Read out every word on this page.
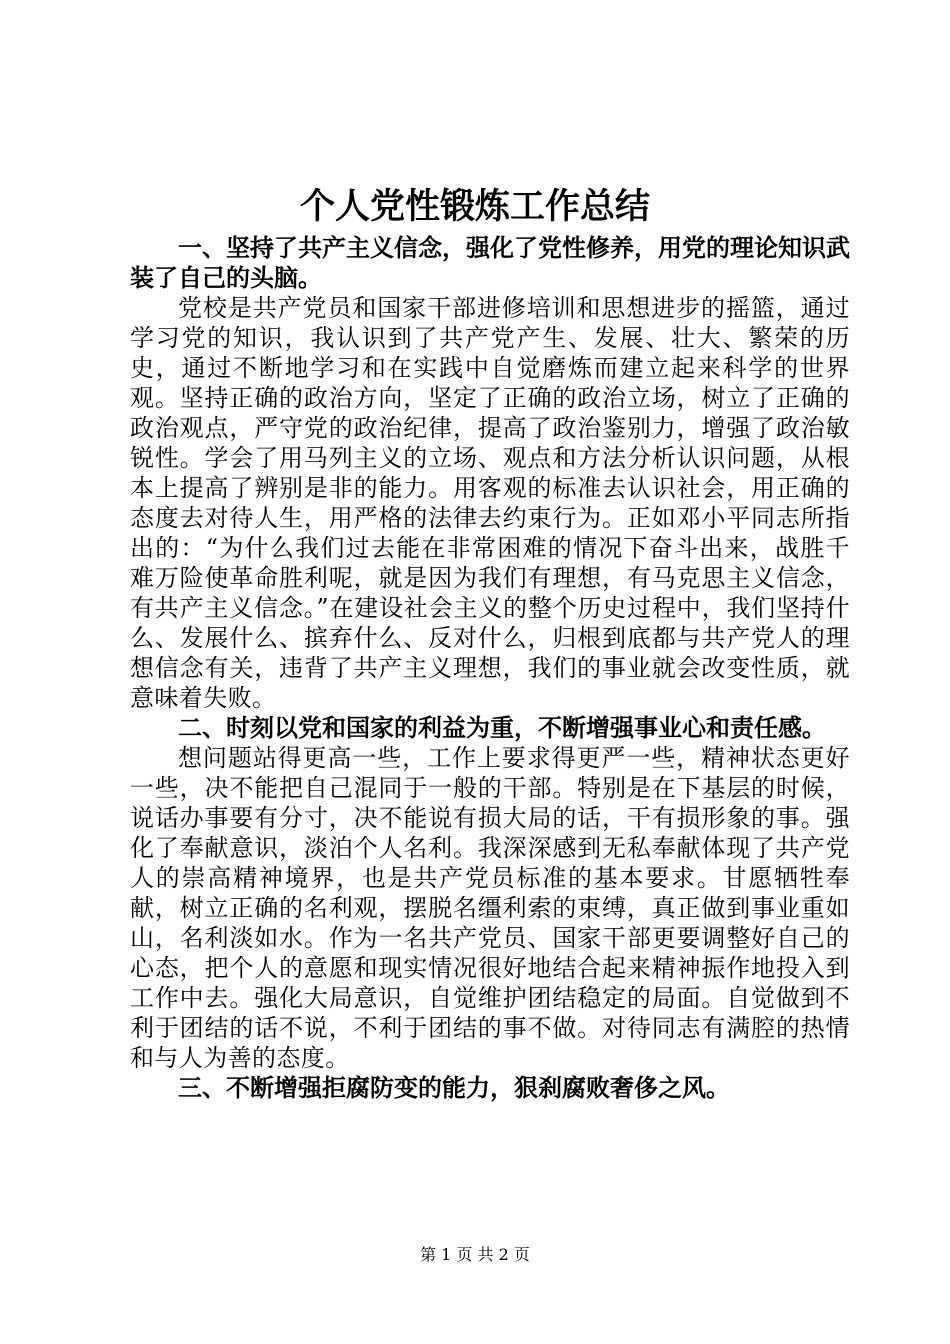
个人党性锻炼工作总结

一、坚持了共产主义信念，强化了党性修养，用党的理论知识武装了自己的头脑。

党校是共产党员和国家干部进修培训和思想进步的摇篮，通过学习党的知识，我认识到了共产党产生、发展、壮大、繁荣的历史，通过不断地学习和在实践中自觉磨炼而建立起来科学的世界观。坚持正确的政治方向，坚定了正确的政治立场，树立了正确的政治观点，严守党的政治纪律，提高了政治鉴别力，增强了政治敏锐性。学会了用马列主义的立场、观点和方法分析认识问题，从根本上提高了辨别是非的能力。用客观的标准去认识社会，用正确的态度去对待人生，用严格的法律去约束行为。正如邓小平同志所指出的：“为什么我们过去能在非常困难的情况下奋斗出来，战胜千难万险使革命胜利呢，就是因为我们有理想，有马克思主义信念，有共产主义信念。”在建设社会主义的整个历史过程中，我们坚持什么、发展什么、摈弃什么、反对什么，归根到底都与共产党人的理想信念有关，违背了共产主义理想，我们的事业就会改变性质，就意味着失败。

二、时刻以党和国家的利益为重，不断增强事业心和责任感。

想问题站得更高一些，工作上要求得更严一些，精神状态更好一些，决不能把自己混同于一般的干部。特别是在下基层的时候，说话办事要有分寸，决不能说有损大局的话，干有损形象的事。强化了奉献意识，淡泊个人名利。我深深感到无私奉献体现了共产党人的崇高精神境界，也是共产党员标准的基本要求。甘愿牺牲奉献，树立正确的名利观，摆脱名缰利索的束缚，真正做到事业重如山，名利淡如水。作为一名共产党员、国家干部更要调整好自己的心态，把个人的意愿和现实情况很好地结合起来精神振作地投入到工作中去。强化大局意识，自觉维护团结稳定的局面。自觉做到不利于团结的话不说，不利于团结的事不做。对待同志有满腔的热情和与人为善的态度。

三、不断增强拒腐防变的能力，狠刹腐败奢侈之风。

第 1 页 共 2 页
